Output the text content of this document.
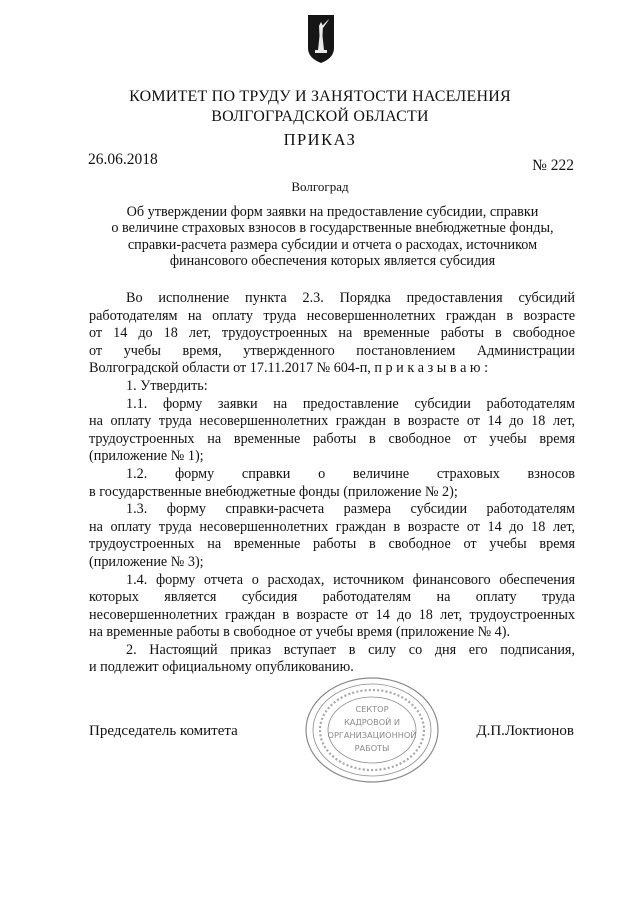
КОМИТЕТ ПО ТРУДУ И ЗАНЯТОСТИ НАСЕЛЕНИЯ
ВОЛГОГРАДСКОЙ ОБЛАСТИ
ПРИКАЗ
26.06.2018	№ 222
Волгоград
Об утверждении форм заявки на предоставление субсидии, справки
о величине страховых взносов в государственные внебюджетные фонды,
справки-расчета размера субсидии и отчета о расходах, источником
финансового обеспечения которых является субсидия

Во исполнение пункта 2.3. Порядка предоставления субсидий

работодателям на оплату труда несовершеннолетних граждан в возрасте

от 14 до 18 лет, трудоустроенных на временные работы в свободное

от учебы время, утвержденного постановлением Администрации

Волгоградской области от 17.11.2017 № 604-п, п р и к а з ы в а ю :

1. Утвердить:

1.1. форму заявки на предоставление субсидии работодателям

на оплату труда несовершеннолетних граждан в возрасте от 14 до 18 лет,

трудоустроенных на временные работы в свободное от учебы время

(приложение № 1);

1.2. форму справки о величине страховых взносов

в государственные внебюджетные фонды (приложение № 2);

1.3. форму справки-расчета размера субсидии работодателям

на оплату труда несовершеннолетних граждан в возрасте от 14 до 18 лет,

трудоустроенных на временные работы в свободное от учебы время

(приложение № 3);

1.4. форму отчета о расходах, источником финансового обеспечения

которых является субсидия работодателям на оплату труда

несовершеннолетних граждан в возрасте от 14 до 18 лет, трудоустроенных

на временные работы в свободное от учебы время (приложение № 4).

2. Настоящий приказ вступает в силу со дня его подписания,

и подлежит официальному опубликованию.

Председатель комитета	Д.П.Локтионов
СЕКТОР
КАДРОВОЙ И
ОРГАНИЗАЦИОННОЙ
РАБОТЫ
